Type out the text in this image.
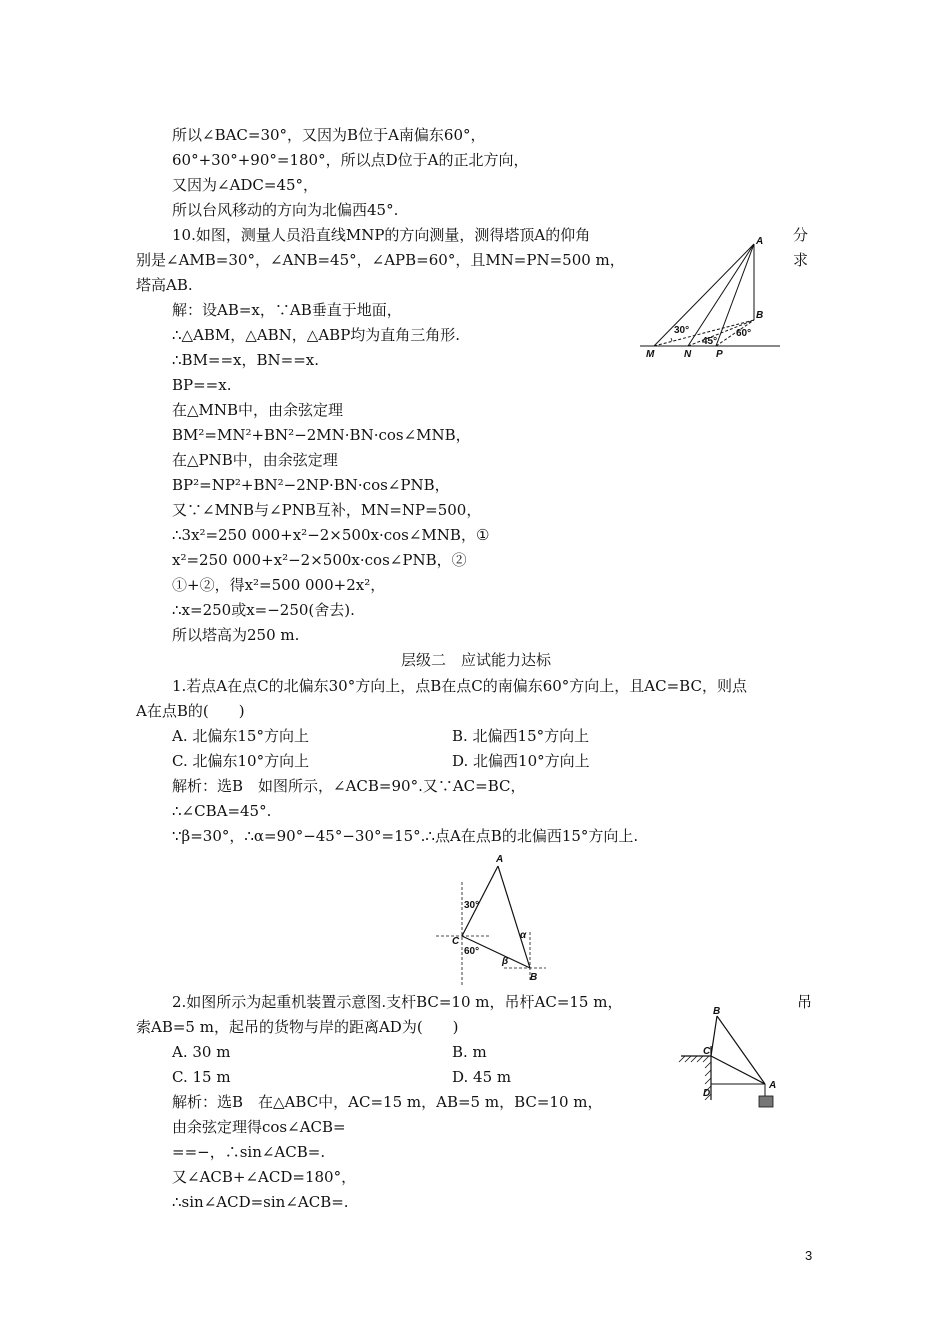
所以∠BAC=30°，又因为B位于A南偏东60°，
60°+30°+90°=180°，所以点D位于A的正北方向，
又因为∠ADC=45°，
所以台风移动的方向为北偏西45°.
10.如图，测量人员沿直线MNP的方向测量，测得塔顶A的仰角	分
别是∠AMB=30°，∠ANB=45°，∠APB=60°，且MN=PN=500 m，	求
塔高AB.
解：设AB=x，∵AB垂直于地面，
∴△ABM，△ABN，△ABP均为直角三角形.
∴BM==x，BN==x.
BP==x.
在△MNB中，由余弦定理
BM²=MN²+BN²−2MN·BN·cos∠MNB，
在△PNB中，由余弦定理
BP²=NP²+BN²−2NP·BN·cos∠PNB，
又∵∠MNB与∠PNB互补，MN=NP=500，
∴3x²=250 000+x²−2×500x·cos∠MNB，①
x²=250 000+x²−2×500x·cos∠PNB，②
①+②，得x²=500 000+2x²，
∴x=250或x=−250(舍去).
所以塔高为250 m.
层级二　应试能力达标
1.若点A在点C的北偏东30°方向上，点B在点C的南偏东60°方向上，且AC=BC，则点
A在点B的(　　)
A. 北偏东15°方向上	B. 北偏西15°方向上
C. 北偏东10°方向上	D. 北偏西10°方向上
解析：选B　如图所示，∠ACB=90°.又∵AC=BC，
∴∠CBA=45°.
∵β=30°，∴α=90°−45°−30°=15°.∴点A在点B的北偏西15°方向上.
2.如图所示为起重机装置示意图.支杆BC=10 m，吊杆AC=15 m，	吊
索AB=5 m，起吊的货物与岸的距离AD为(　　)
A. 30 m	B. m
C. 15 m	D. 45 m
解析：选B　在△ABC中，AC=15 m，AB=5 m，BC=10 m，
由余弦定理得cos∠ACB=
==−，∴sin∠ACB=.
又∠ACB+∠ACD=180°，
∴sin∠ACD=sin∠ACB=.
A
B
M	N P
30°
45°
60°
A
C
B
30°
60°
α
β
B
C
D
A
3
